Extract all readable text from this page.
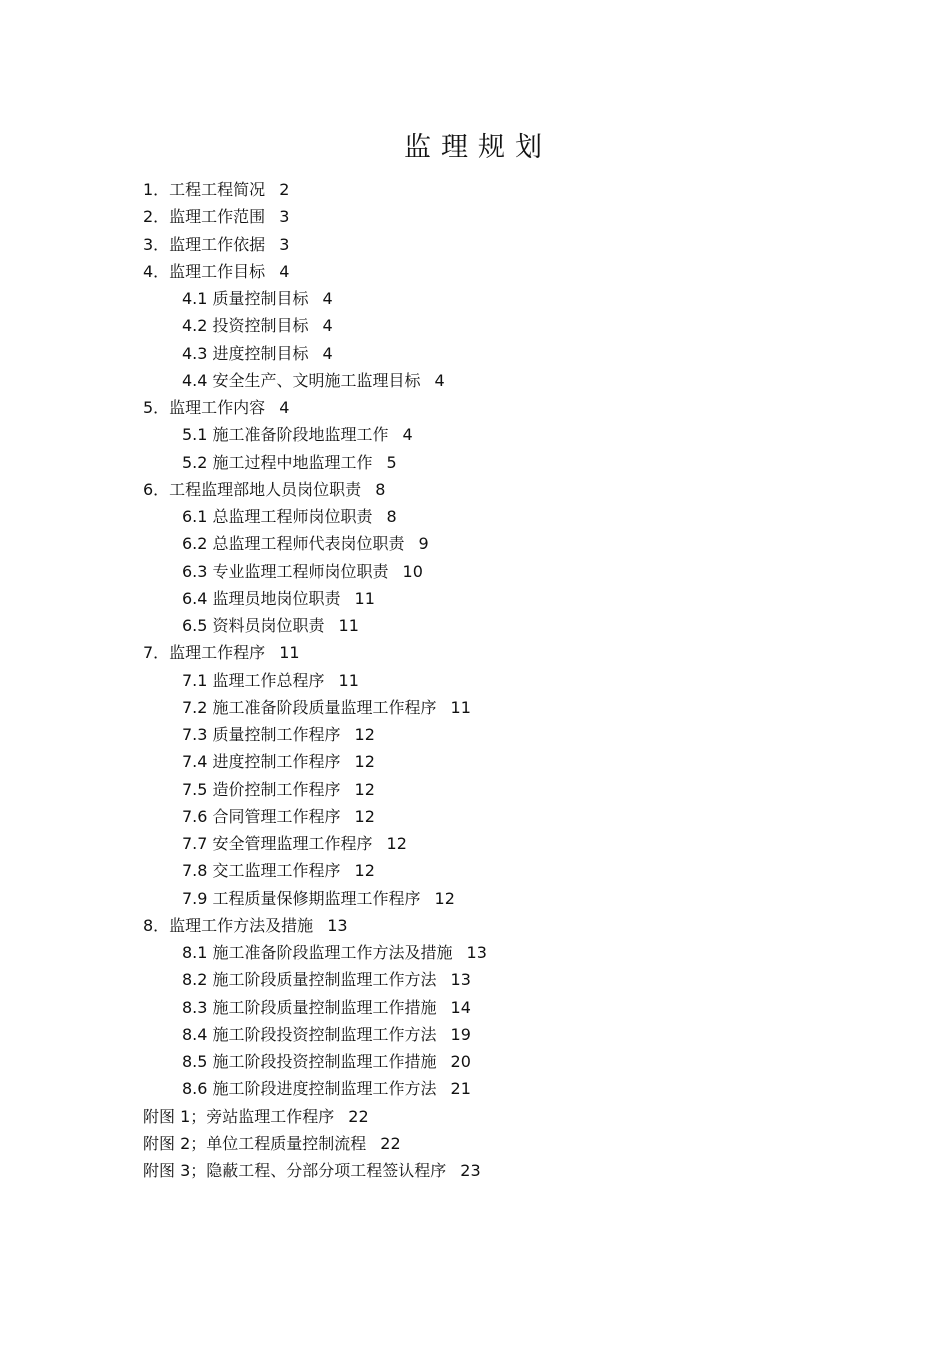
监理规划
1．工程工程简况 2
2．监理工作范围 3
3．监理工作依据 3
4．监理工作目标 4
4.1 质量控制目标 4
4.2 投资控制目标 4
4.3 进度控制目标 4
4.4 安全生产、文明施工监理目标 4
5．监理工作内容 4
5.1 施工准备阶段地监理工作 4
5.2 施工过程中地监理工作 5
6．工程监理部地人员岗位职责 8
6.1 总监理工程师岗位职责 8
6.2 总监理工程师代表岗位职责 9
6.3 专业监理工程师岗位职责 10
6.4 监理员地岗位职责 11
6.5 资料员岗位职责 11
7．监理工作程序 11
7.1 监理工作总程序 11
7.2 施工准备阶段质量监理工作程序 11
7.3 质量控制工作程序 12
7.4 进度控制工作程序 12
7.5 造价控制工作程序 12
7.6 合同管理工作程序 12
7.7 安全管理监理工作程序 12
7.8 交工监理工作程序 12
7.9 工程质量保修期监理工作程序 12
8．监理工作方法及措施 13
8.1 施工准备阶段监理工作方法及措施 13
8.2 施工阶段质量控制监理工作方法 13
8.3 施工阶段质量控制监理工作措施 14
8.4 施工阶段投资控制监理工作方法 19
8.5 施工阶段投资控制监理工作措施 20
8.6 施工阶段进度控制监理工作方法 21
附图 1；旁站监理工作程序 22
附图 2；单位工程质量控制流程 22
附图 3；隐蔽工程、分部分项工程签认程序 23
